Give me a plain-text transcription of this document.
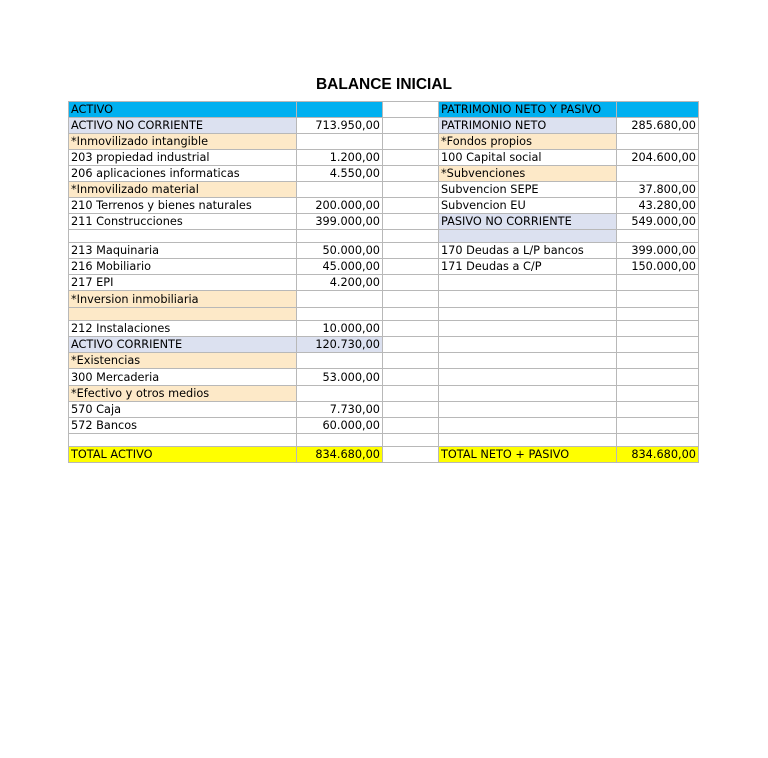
BALANCE INICIAL
ACTIVO			PATRIMONIO NETO Y PASIVO	
ACTIVO NO CORRIENTE	713.950,00		PATRIMONIO NETO	285.680,00
*Inmovilizado intangible			*Fondos propios	
203 propiedad industrial	1.200,00		100 Capital social	204.600,00
206 aplicaciones informaticas	4.550,00		*Subvenciones	
*Inmovilizado material			Subvencion SEPE	37.800,00
210 Terrenos y bienes naturales	200.000,00		Subvencion EU	43.280,00
211 Construcciones	399.000,00		PASIVO NO CORRIENTE	549.000,00

213 Maquinaria	50.000,00		170 Deudas a L/P bancos	399.000,00
216 Mobiliario	45.000,00		171 Deudas a C/P	150.000,00
217 EPI	4.200,00			
*Inversion inmobiliaria				

212 Instalaciones	10.000,00			
ACTIVO CORRIENTE	120.730,00			
*Existencias				
300 Mercaderia	53.000,00			
*Efectivo y otros medios				
570 Caja	7.730,00			
572 Bancos	60.000,00			

TOTAL ACTIVO	834.680,00		TOTAL NETO + PASIVO	834.680,00
